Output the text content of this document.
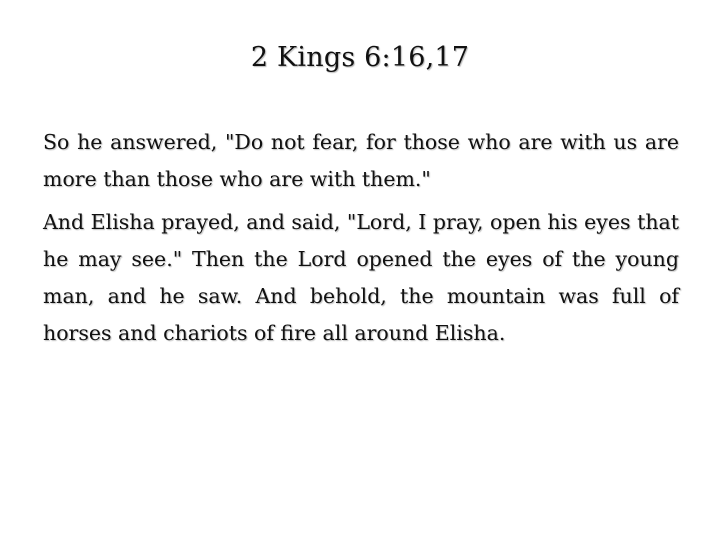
2 Kings 6:16,17

So he answered, "Do not fear, for those who are with us are more than those who are with them."

And Elisha prayed, and said, "Lord, I pray, open his eyes that he may see." Then the Lord opened the eyes of the young man, and he saw. And behold, the mountain was full of horses and chariots of fire all around Elisha.
